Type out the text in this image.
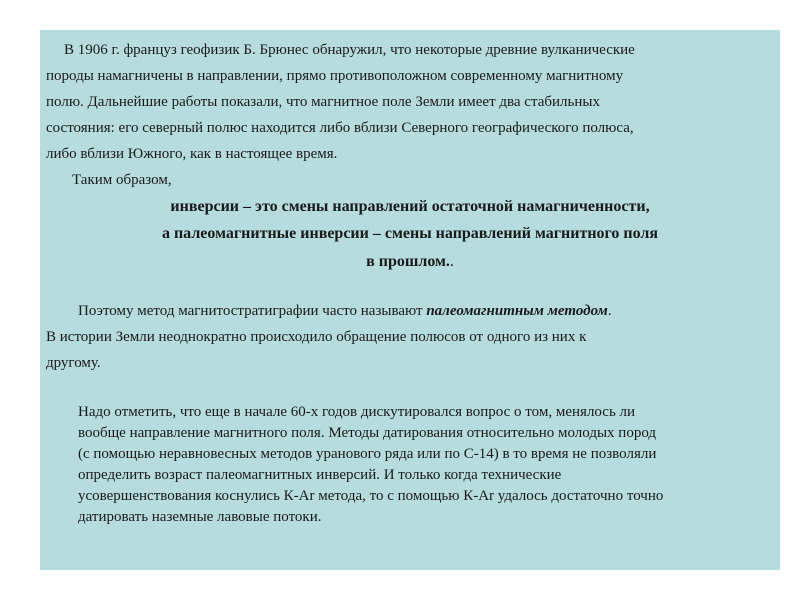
В 1906 г. француз геофизик Б. Брюнес обнаружил, что некоторые древние вулканические
породы намагничены в направлении, прямо противоположном современному магнитному
полю. Дальнейшие работы показали, что магнитное поле Земли имеет два стабильных
состояния: его северный полюс находится либо вблизи Северного географического полюса,
либо вблизи Южного, как в настоящее время.
Таким образом,
инверсии – это смены направлений остаточной намагниченности,
а палеомагнитные инверсии – смены направлений магнитного поля
в прошлом..
Поэтому метод магнитостратиграфии часто называют палеомагнитным методом.
В истории Земли неоднократно происходило обращение полюсов от одного из них к
другому.
Надо отметить, что еще в начале 60-х годов дискутировался вопрос о том, менялось ли
вообще направление магнитного поля. Методы датирования относительно молодых пород
(с помощью неравновесных методов уранового ряда или по С-14) в то время не позволяли
определить возраст палеомагнитных инверсий. И только когда технические
усовершенствования коснулись К-Ar метода, то с помощью К-Ar удалось достаточно точно
датировать наземные лавовые потоки.
